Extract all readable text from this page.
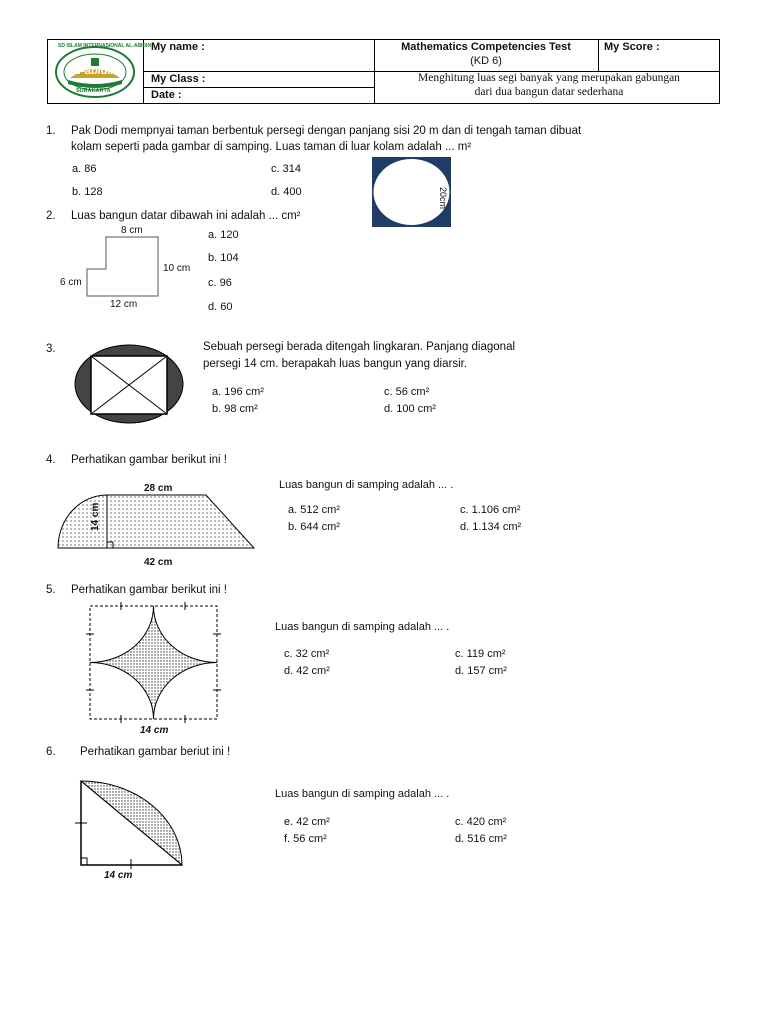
My name :
My Class :
Date :
Mathematics Competencies Test
(KD 6)
My Score :
Menghitung luas segi banyak yang merupakan gabungan
dari dua bangun datar sederhana
SD ISLAM INTERNASIONAL AL-ABIDIN
al-abidin
SURAKARTA
1. Pak Dodi mempnyai taman berbentuk persegi dengan panjang sisi 20 m dan di tengah taman dibuat
kolam seperti pada gambar di samping. Luas taman di luar kolam adalah ... m²
a. 86	c. 314
b. 128	d. 400	20cm
2. Luas bangun datar dibawah ini adalah ... cm²
a. 120
b. 104
c. 96
d. 60
8 cm
10 cm
6 cm
12 cm
3.	Sebuah persegi berada ditengah lingkaran. Panjang diagonal
persegi 14 cm. berapakah luas bangun yang diarsir.
a. 196 cm²	c. 56 cm²
b. 98 cm²	d. 100 cm²
4. Perhatikan gambar berikut ini !
Luas bangun di samping adalah ... .
a. 512 cm²	c. 1.106 cm²
b. 644 cm²	d. 1.134 cm²
28 cm
14 cm
42 cm
5. Perhatikan gambar berikut ini !
Luas bangun di samping adalah ... .
c. 32 cm²	c. 119 cm²
d. 42 cm²	d. 157 cm²
14 cm
6. Perhatikan gambar beriut ini !
Luas bangun di samping adalah ... .
e. 42 cm²	c. 420 cm²
f. 56 cm²	d. 516 cm²
14 cm
